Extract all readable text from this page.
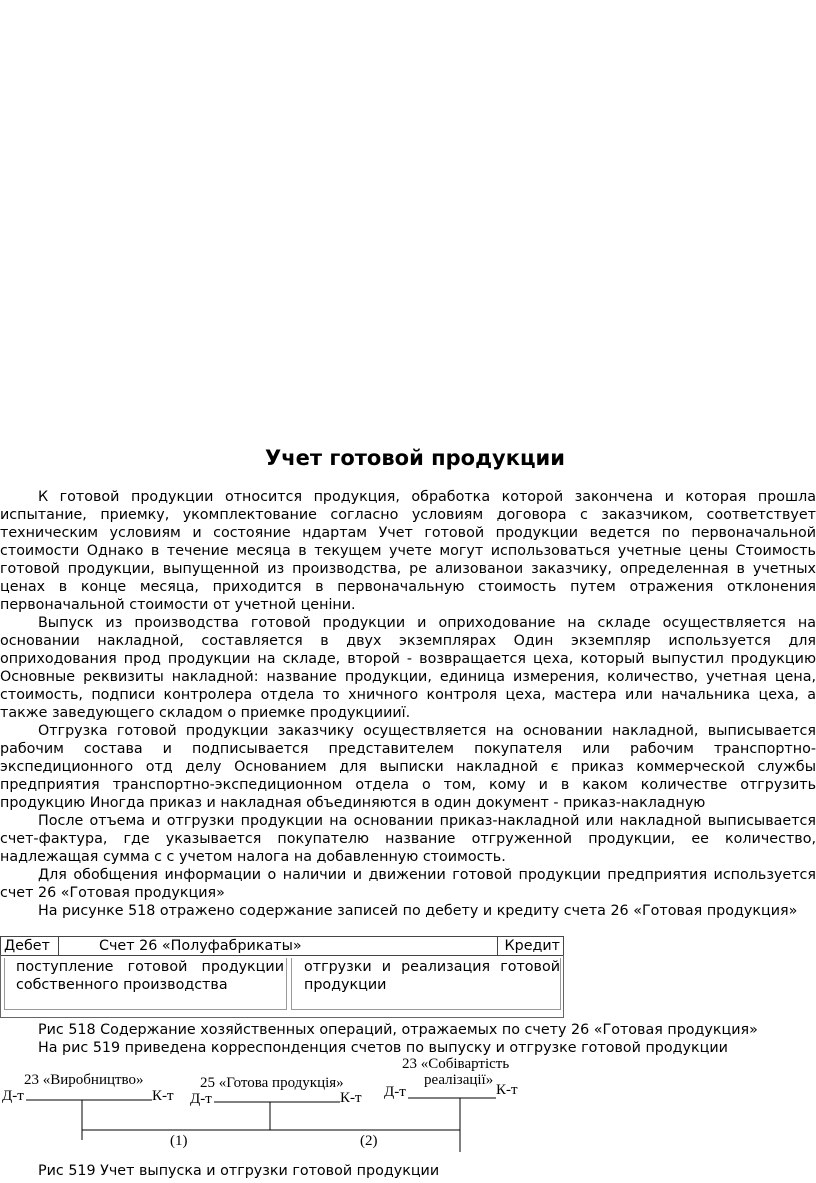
Учет готовой продукции

К готовой продукции относится продукция, обработка которой закончена и которая прошла испытание, приемку, укомплектование согласно условиям договора с заказчиком, соответствует техническим условиям и состояние ндартам Учет готовой продукции ведется по первоначальной стоимости Однако в течение месяца в текущем учете могут использоваться учетные цены Стоимость готовой продукции, выпущенной из производства, ре ализованои заказчику, определенная в учетных ценах в конце месяца, приходится в первоначальную стоимость путем отражения отклонения первоначальной стоимости от учетной ценіни.

Выпуск из производства готовой продукции и оприходование на складе осуществляется на основании накладной, составляется в двух экземплярах Один экземпляр используется для оприходования прод продукции на складе, второй - возвращается цеха, который выпустил продукцию Основные реквизиты накладной: название продукции, единица измерения, количество, учетная цена, стоимость, подписи контролера отдела то хничного контроля цеха, мастера или начальника цеха, а также заведующего складом о приемке продукциииї.

Отгрузка готовой продукции заказчику осуществляется на основании накладной, выписывается рабочим состава и подписывается представителем покупателя или рабочим транспортно-экспедиционного отд делу Основанием для выписки накладной є приказ коммерческой службы предприятия транспортно-экспедиционном отдела о том, кому и в каком количестве отгрузить продукцию Иногда приказ и накладная объединяются в один документ - приказ-накладную

После отъема и отгрузки продукции на основании приказ-накладной или накладной выписывается счет-фактура, где указывается покупателю название отгруженной продукции, ее количество, надлежащая сумма с с учетом налога на добавленную стоимость.

Для обобщения информации о наличии и движении готовой продукции предприятия используется счет 26 «Готовая продукция»

На рисунке 518 отражено содержание записей по дебету и кредиту счета 26 «Готовая продукция»

Дебет	Счет 26 «Полуфабрикаты»	Кредит
поступление готовой продукции собственного производства
отгрузки и реализация готовой продукции
Рис 518 Содержание хозяйственных операций, отражаемых по счету 26 «Готовая продукция»
На рис 519 приведена корреспонденция счетов по выпуску и отгрузке готовой продукции
23 «Виробництво»
Д-т	К-т
25 «Готова продукція»
Д-т	К-т
23 «Собівартість
реалізації»
Д-т	К-т
(1)	(2)
Рис 519 Учет выпуска и отгрузки готовой продукции
